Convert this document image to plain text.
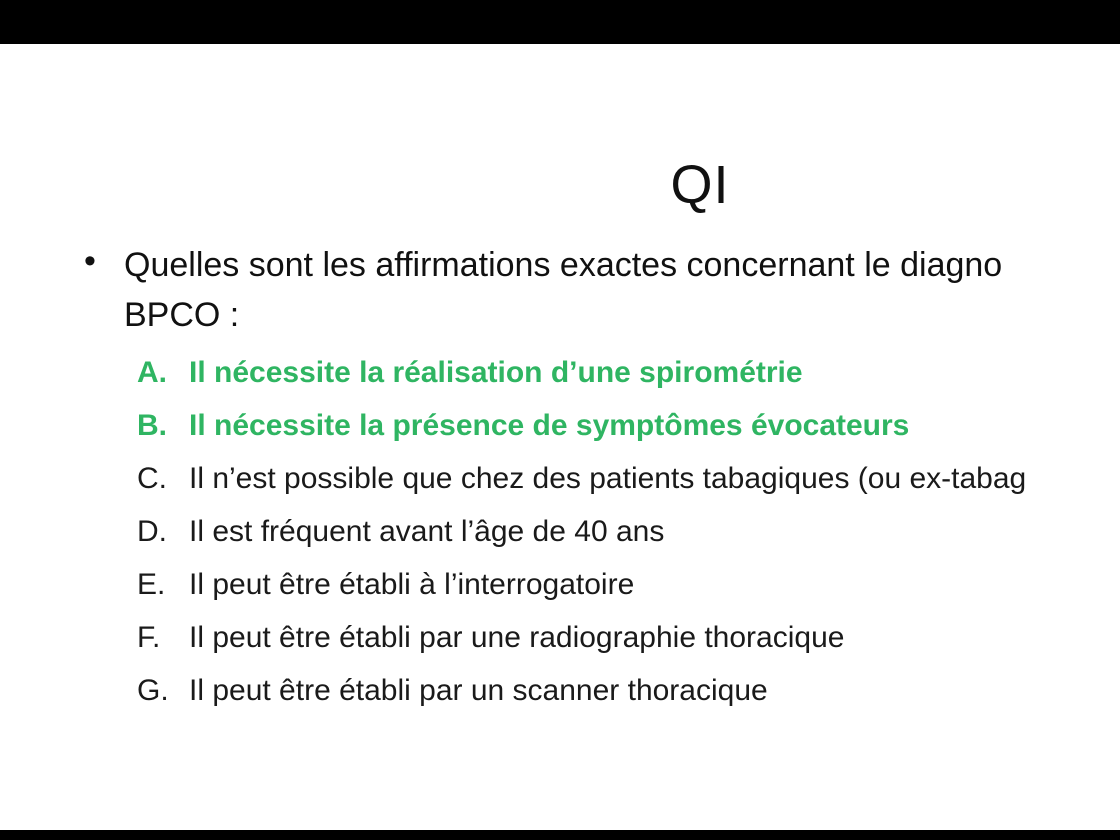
QI
• Quelles sont les affirmations exactes concernant le diagno
BPCO :
A. Il nécessite la réalisation d’une spirométrie
B. Il nécessite la présence de symptômes évocateurs
C. Il n’est possible que chez des patients tabagiques (ou ex-tabag
D. Il est fréquent avant l’âge de 40 ans
E. Il peut être établi à l’interrogatoire
F. Il peut être établi par une radiographie thoracique
G. Il peut être établi par un scanner thoracique
